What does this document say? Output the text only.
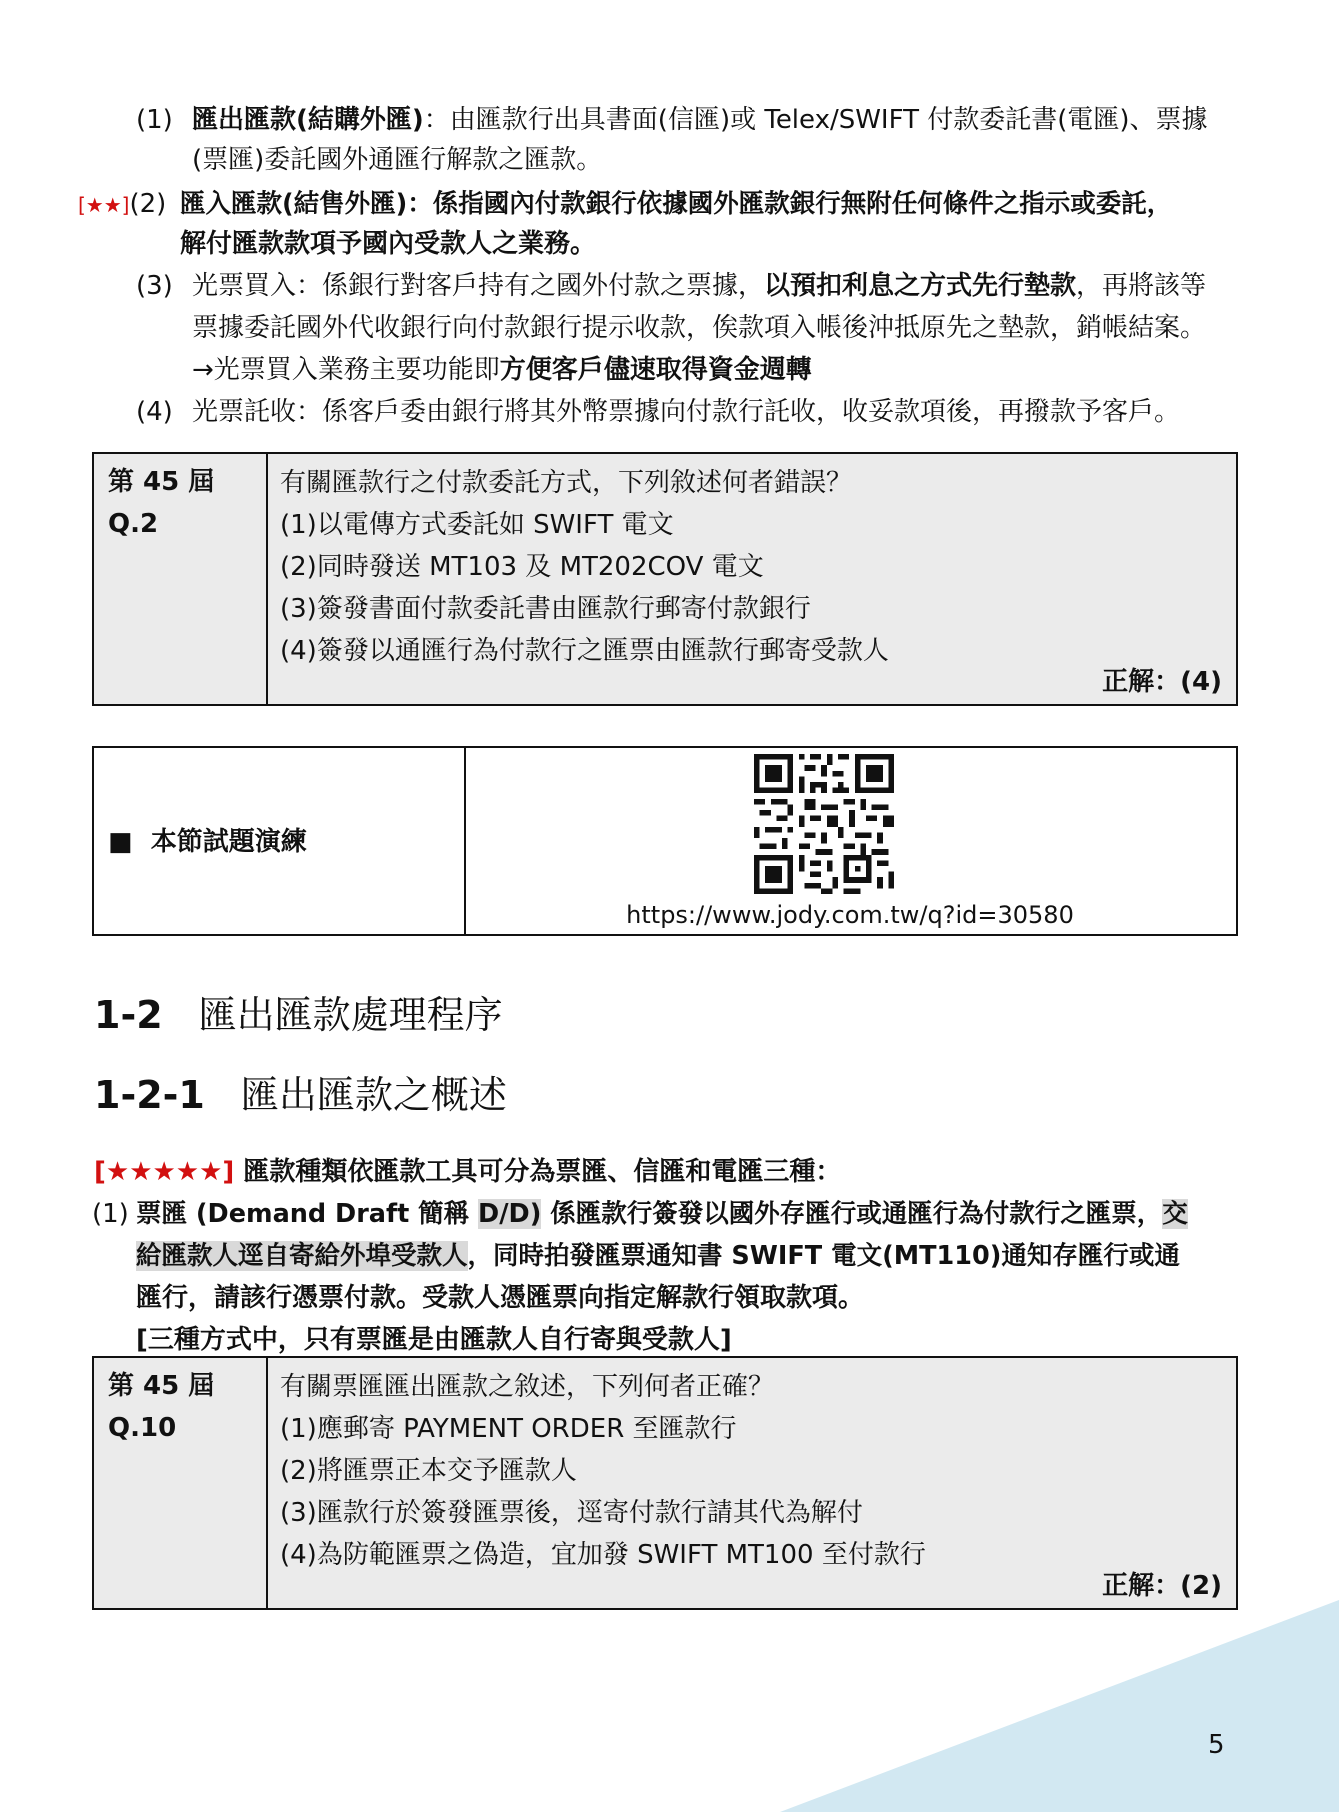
(1) 匯出匯款(結購外匯)：由匯款行出具書面(信匯)或 Telex/SWIFT 付款委託書(電匯)、票據
(票匯)委託國外通匯行解款之匯款。
[★★](2) 匯入匯款(結售外匯)：係指國內付款銀行依據國外匯款銀行無附任何條件之指示或委託，
解付匯款款項予國內受款人之業務。
(3) 光票買入：係銀行對客戶持有之國外付款之票據，以預扣利息之方式先行墊款，再將該等
票據委託國外代收銀行向付款銀行提示收款，俟款項入帳後沖抵原先之墊款，銷帳結案。
→光票買入業務主要功能即方便客戶儘速取得資金週轉
(4) 光票託收：係客戶委由銀行將其外幣票據向付款行託收，收妥款項後，再撥款予客戶。
第 45 屆
Q.2
有關匯款行之付款委託方式，下列敘述何者錯誤？
(1)以電傳方式委託如 SWIFT 電文
(2)同時發送 MT103 及 MT202COV 電文
(3)簽發書面付款委託書由匯款行郵寄付款銀行
(4)簽發以通匯行為付款行之匯票由匯款行郵寄受款人
正解：(4)
■ 本節試題演練
https://www.jody.com.tw/q?id=30580
1-2 匯出匯款處理程序
1-2-1 匯出匯款之概述
[★★★★★] 匯款種類依匯款工具可分為票匯、信匯和電匯三種：
(1) 票匯 (Demand Draft 簡稱 D/D) 係匯款行簽發以國外存匯行或通匯行為付款行之匯票，交
給匯款人逕自寄給外埠受款人，同時拍發匯票通知書 SWIFT 電文(MT110)通知存匯行或通
匯行，請該行憑票付款。受款人憑匯票向指定解款行領取款項。
[三種方式中，只有票匯是由匯款人自行寄與受款人]
第 45 屆
Q.10
有關票匯匯出匯款之敘述，下列何者正確？
(1)應郵寄 PAYMENT ORDER 至匯款行
(2)將匯票正本交予匯款人
(3)匯款行於簽發匯票後，逕寄付款行請其代為解付
(4)為防範匯票之偽造，宜加發 SWIFT MT100 至付款行
正解：(2)
5
